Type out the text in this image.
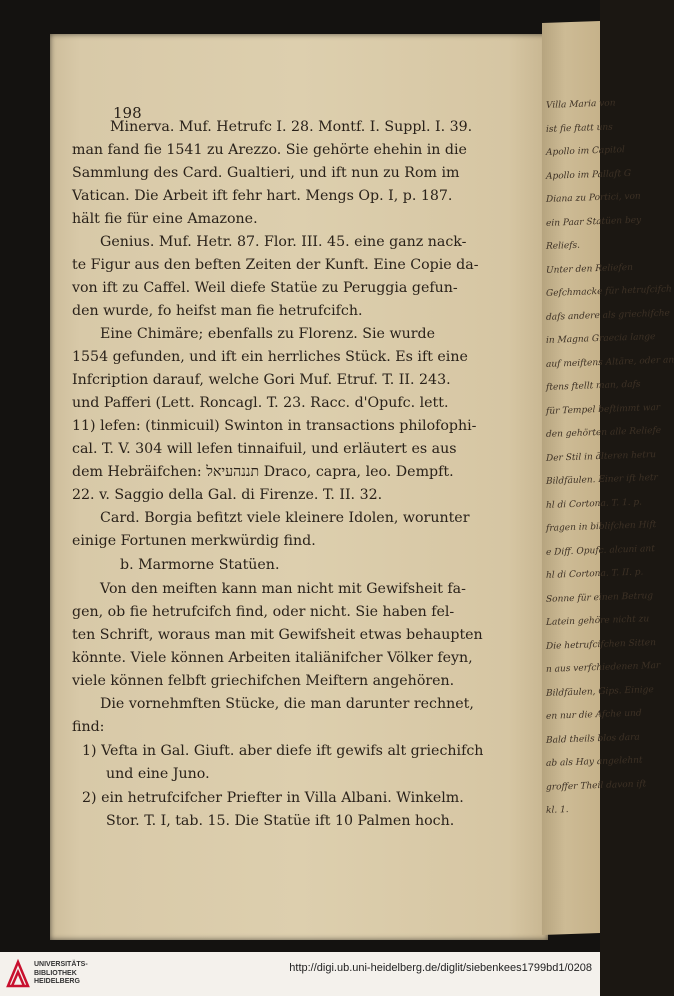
198
Minerva. Muf. Hetrufc I. 28. Montf. I. Suppl. I. 39.
man fand fie 1541 zu Arezzo. Sie gehörte ehehin in die
Sammlung des Card. Gualtieri, und ift nun zu Rom im
Vatican. Die Arbeit ift fehr hart. Mengs Op. I, p. 187.
hält fie für eine Amazone.
Genius. Muf. Hetr. 87. Flor. III. 45. eine ganz nack-
te Figur aus den beften Zeiten der Kunft. Eine Copie da-
von ift zu Caffel. Weil diefe Statüe zu Peruggia gefun-
den wurde, fo heifst man fie hetrufcifch.
Eine Chimäre; ebenfalls zu Florenz. Sie wurde
1554 gefunden, und ift ein herrliches Stück. Es ift eine
Infcription darauf, welche Gori Muf. Etruf. T. II. 243.
und Pafferi (Lett. Roncagl. T. 23. Racc. d'Opufc. lett.
11) lefen: (tinmicuil) Swinton in transactions philofophi-
cal. T. V. 304 will lefen tinnaifuil, und erläutert es aus
dem Hebräifchen: תננהעיאל Draco, capra, leo. Dempft.
22. v. Saggio della Gal. di Firenze. T. II. 32.
Card. Borgia befitzt viele kleinere Idolen, worunter
einige Fortunen merkwürdig find.
b. Marmorne Statüen.
Von den meiften kann man nicht mit Gewifsheit fa-
gen, ob fie hetrufcifch find, oder nicht. Sie haben fel-
ten Schrift, woraus man mit Gewifsheit etwas behaupten
könnte. Viele können Arbeiten italiänifcher Völker feyn,
viele können felbft griechifchen Meiftern angehören.
Die vornehmften Stücke, die man darunter rechnet,
find:
1) Vefta in Gal. Giuft. aber diefe ift gewifs alt griechifch
und eine Juno.
2) ein hetrufcifcher Priefter in Villa Albani. Winkelm.
Stor. T. I, tab. 15. Die Statüe ift 10 Palmen hoch.
Villa Maria von
ist fie ftatt uns
Apollo im Capitol
Apollo im Pallaft G
Diana zu Portici, von
ein Paar Statüen bey
Reliefs.
Unter den Reliefen
Gefchmacke für hetrufcifch
dafs andere als griechifche
in Magna Graecia lange
auf meiftens Altäre, oder an
ftens ftellt man, dafs
für Tempel beftimmt war
den gehörten alle Reliefe
Der Stil in älteren hetru
Bildfäulen. Einer ift hetr
hl di Cortona. T. 1. p.
fragen in biblifchen Hift
e Diff. Opufc. alcuni ant
hl di Cortona. T. II. p.
Sonne für einen Betrug
Latein gehöre nicht zu
Die hetrufcifchen Sitten
n aus verfchiedenen Mar
Bildfäulen, Gips. Einige
en nur die Afche und
Bald theils blos dara
ab als Hay angelehnt
groffer Theil davon ift
kl. 1.
UNIVERSITÄTS-
BIBLIOTHEK
HEIDELBERG
http://digi.ub.uni-heidelberg.de/diglit/siebenkees1799bd1/0208
